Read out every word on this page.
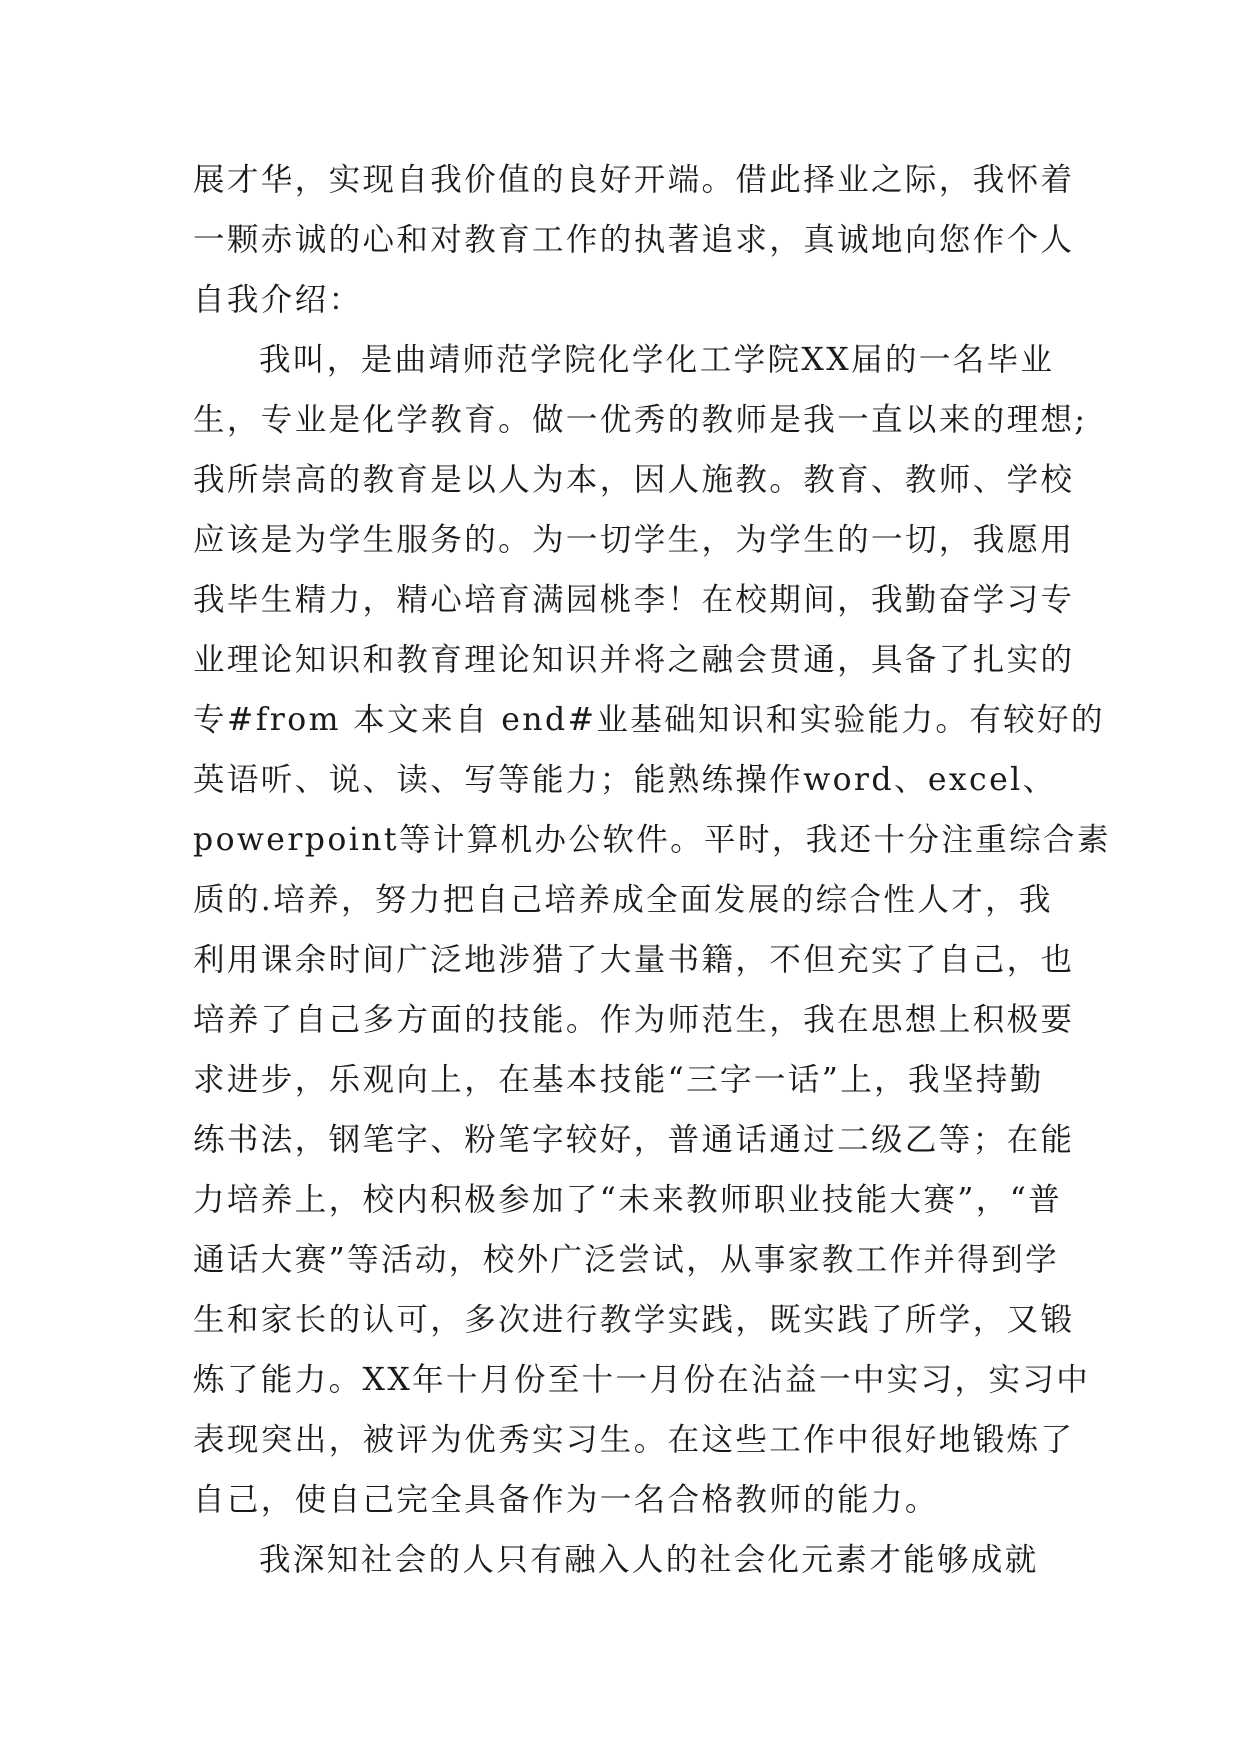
展才华，实现自我价值的良好开端。借此择业之际，我怀着
一颗赤诚的心和对教育工作的执著追求，真诚地向您作个人
自我介绍：
我叫，是曲靖师范学院化学化工学院XX届的一名毕业
生，专业是化学教育。做一优秀的教师是我一直以来的理想;
我所崇高的教育是以人为本，因人施教。教育、教师、学校
应该是为学生服务的。为一切学生，为学生的一切，我愿用
我毕生精力，精心培育满园桃李！在校期间，我勤奋学习专
业理论知识和教育理论知识并将之融会贯通，具备了扎实的
专#from 本文来自 end#业基础知识和实验能力。有较好的
英语听、说、读、写等能力；能熟练操作word、excel、
powerpoint等计算机办公软件。平时，我还十分注重综合素
质的.培养，努力把自己培养成全面发展的综合性人才，我
利用课余时间广泛地涉猎了大量书籍，不但充实了自己，也
培养了自己多方面的技能。作为师范生，我在思想上积极要
求进步，乐观向上，在基本技能“三字一话”上，我坚持勤
练书法，钢笔字、粉笔字较好，普通话通过二级乙等；在能
力培养上，校内积极参加了“未来教师职业技能大赛”，“普
通话大赛”等活动，校外广泛尝试，从事家教工作并得到学
生和家长的认可，多次进行教学实践，既实践了所学，又锻
炼了能力。XX年十月份至十一月份在沾益一中实习，实习中
表现突出，被评为优秀实习生。在这些工作中很好地锻炼了
自己，使自己完全具备作为一名合格教师的能力。
我深知社会的人只有融入人的社会化元素才能够成就
